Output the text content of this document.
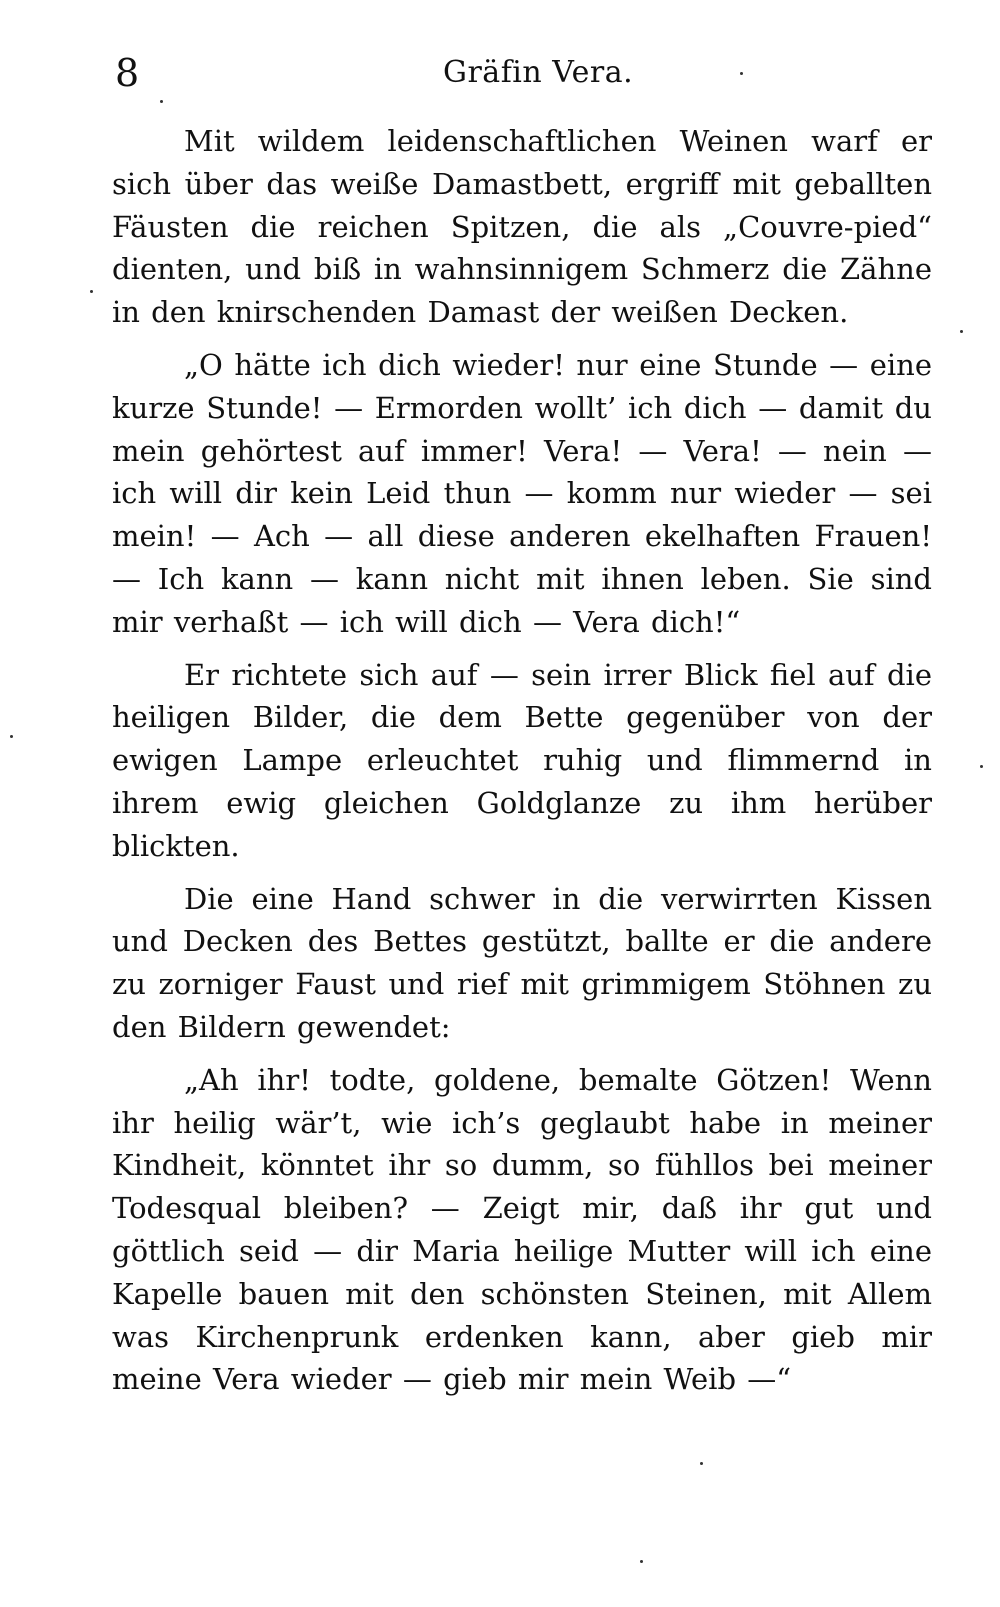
8	Gräfin Vera.

Mit wildem leidenschaftlichen Weinen warf er sich über das weiße Damastbett, ergriff mit geballten Fäusten die reichen Spitzen, die als „Couvre-pied“ dienten, und biß in wahnsinnigem Schmerz die Zähne in den knirschenden Damast der weißen Decken.

„O hätte ich dich wieder! nur eine Stunde — eine kurze Stunde! — Ermorden wollt’ ich dich — damit du mein gehörtest auf immer! Vera! — Vera! — nein — ich will dir kein Leid thun — komm nur wieder — sei mein! — Ach — all diese anderen ekelhaften Frauen! — Ich kann — kann nicht mit ihnen leben. Sie sind mir verhaßt — ich will dich — Vera dich!“

Er richtete sich auf — sein irrer Blick fiel auf die heiligen Bilder, die dem Bette gegenüber von der ewigen Lampe erleuchtet ruhig und flimmernd in ihrem ewig gleichen Goldglanze zu ihm herüber blickten.

Die eine Hand schwer in die verwirrten Kissen und Decken des Bettes gestützt, ballte er die andere zu zorniger Faust und rief mit grimmigem Stöhnen zu den Bildern gewendet:

„Ah ihr! todte, goldene, bemalte Götzen! Wenn ihr heilig wär’t, wie ich’s geglaubt habe in meiner Kindheit, könntet ihr so dumm, so fühllos bei meiner Todesqual bleiben? — Zeigt mir, daß ihr gut und göttlich seid — dir Maria heilige Mutter will ich eine Kapelle bauen mit den schönsten Steinen, mit Allem was Kirchenprunk erdenken kann, aber gieb mir meine Vera wieder — gieb mir mein Weib —“
